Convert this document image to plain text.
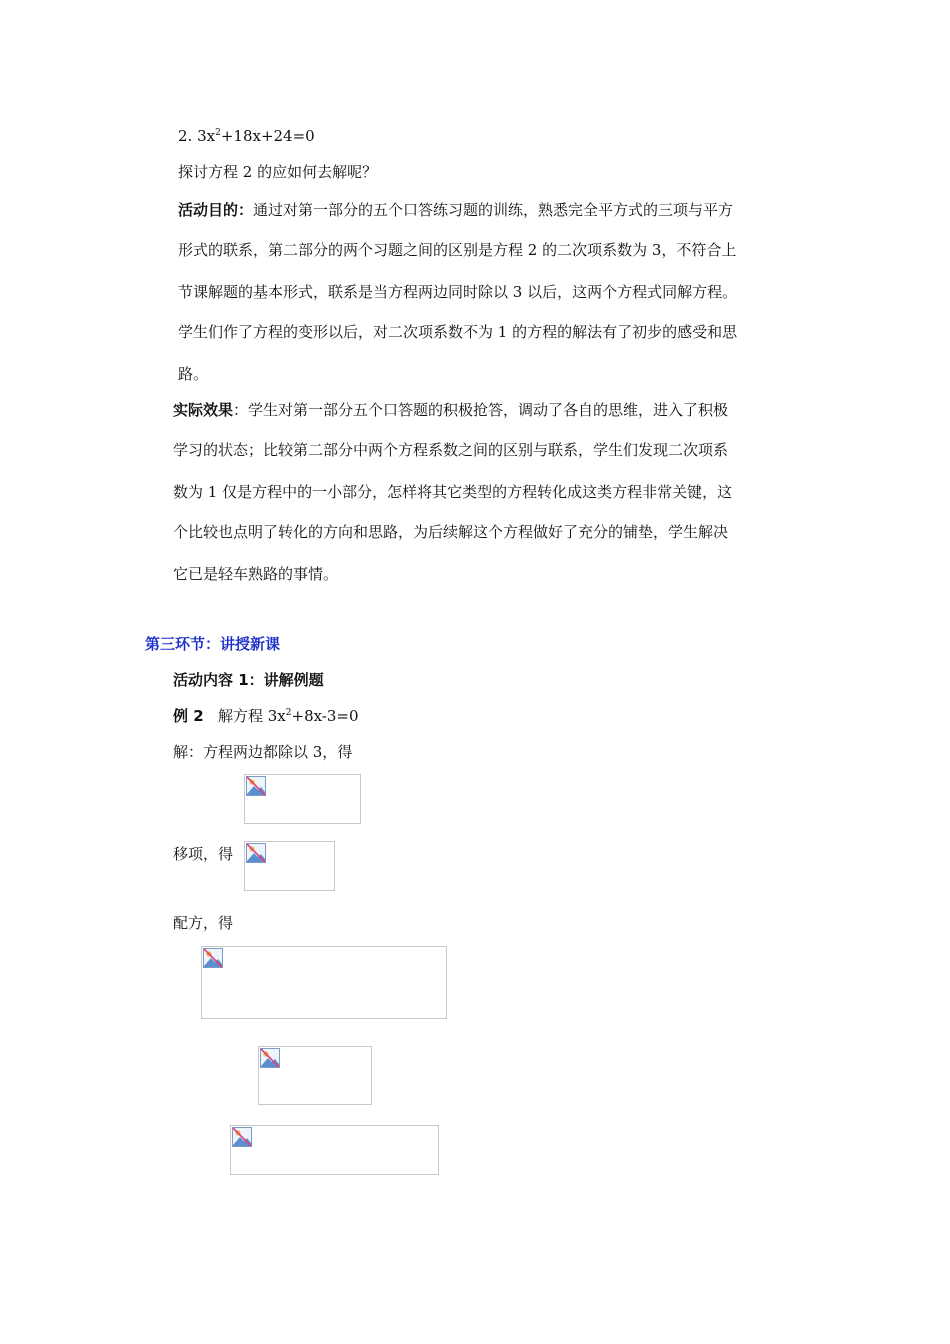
2. $3x^2+18x+24=0$
探讨方程 2 的应如何去解呢？
活动目的：通过对第一部分的五个口答练习题的训练，熟悉完全平方式的三项与平方
形式的联系，第二部分的两个习题之间的区别是方程 2 的二次项系数为 3，不符合上
节课解题的基本形式，联系是当方程两边同时除以 3 以后，这两个方程式同解方程。
学生们作了方程的变形以后，对二次项系数不为 1 的方程的解法有了初步的感受和思
路。
实际效果：学生对第一部分五个口答题的积极抢答，调动了各自的思维，进入了积极
学习的状态；比较第二部分中两个方程系数之间的区别与联系，学生们发现二次项系
数为 1 仅是方程中的一小部分，怎样将其它类型的方程转化成这类方程非常关键，这
个比较也点明了转化的方向和思路，为后续解这个方程做好了充分的铺垫，学生解决
它已是轻车熟路的事情。
第三环节：讲授新课
活动内容 1：讲解例题
例 2 解方程 $3x^2+8x-3=0$
解：方程两边都除以 3，得
移项，得
配方，得
